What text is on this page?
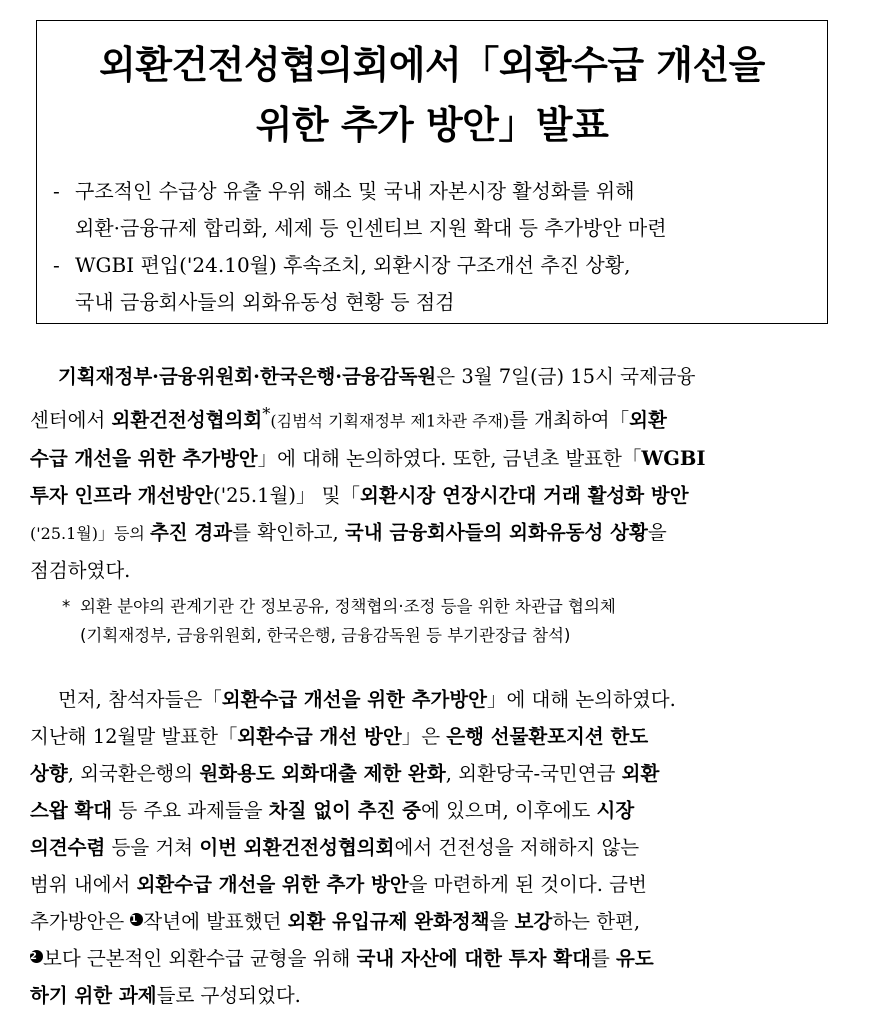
외환건전성협의회에서「외환수급 개선을
위한 추가 방안」발표
- 구조적인 수급상 유출 우위 해소 및 국내 자본시장 활성화를 위해
외환·금융규제 합리화, 세제 등 인센티브 지원 확대 등 추가방안 마련
- WGBI 편입('24.10월) 후속조치, 외환시장 구조개선 추진 상황,
국내 금융회사들의 외화유동성 현황 등 점검
기획재정부·금융위원회·한국은행·금융감독원은 3월 7일(금) 15시 국제금융
센터에서 외환건전성협의회*(김범석 기획재정부 제1차관 주재)를 개최하여「외환
수급 개선을 위한 추가방안」에 대해 논의하였다. 또한, 금년초 발표한「WGBI
투자 인프라 개선방안('25.1월)」 및「외환시장 연장시간대 거래 활성화 방안
('25.1월)」등의 추진 경과를 확인하고, 국내 금융회사들의 외화유동성 상황을
점검하였다.
* 외환 분야의 관계기관 간 정보공유, 정책협의·조정 등을 위한 차관급 협의체
(기획재정부, 금융위원회, 한국은행, 금융감독원 등 부기관장급 참석)
먼저, 참석자들은「외환수급 개선을 위한 추가방안」에 대해 논의하였다.
지난해 12월말 발표한「외환수급 개선 방안」은 은행 선물환포지션 한도
상향, 외국환은행의 원화용도 외화대출 제한 완화, 외환당국-국민연금 외환
스왑 확대 등 주요 과제들을 차질 없이 추진 중에 있으며, 이후에도 시장
의견수렴 등을 거쳐 이번 외환건전성협의회에서 건전성을 저해하지 않는
범위 내에서 외환수급 개선을 위한 추가 방안을 마련하게 된 것이다. 금번
추가방안은 1 작년에 발표했던 외환 유입규제 완화정책을 보강하는 한편,
2 보다 근본적인 외환수급 균형을 위해 국내 자산에 대한 투자 확대를 유도
하기 위한 과제들로 구성되었다.
